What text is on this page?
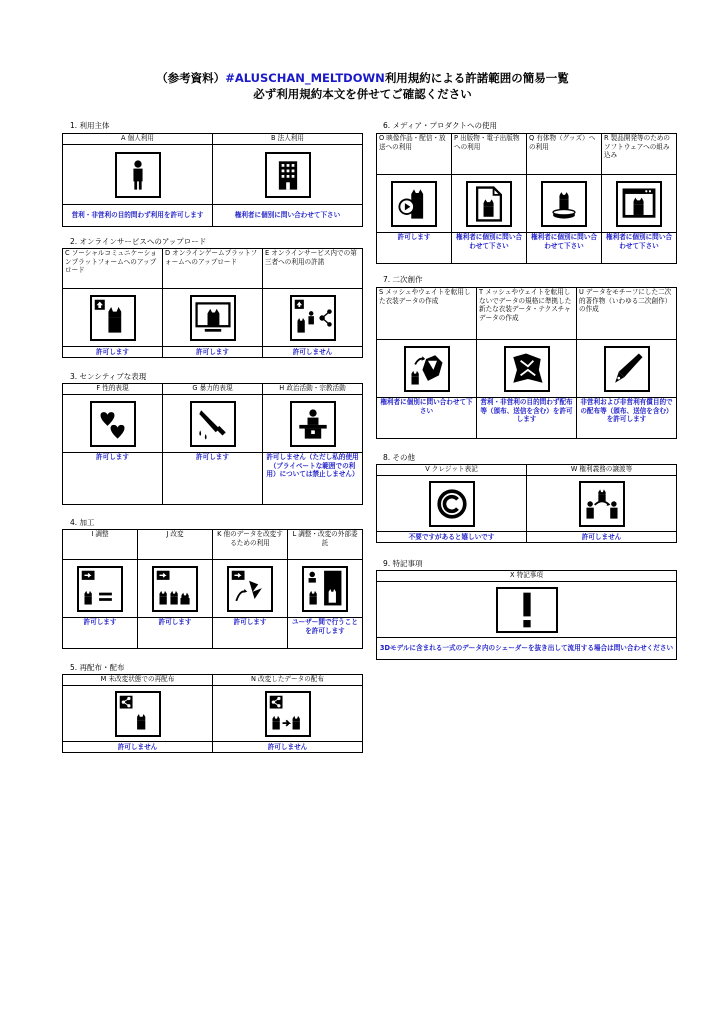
（参考資料）#ALUSCHAN_MELTDOWN利用規約による許諾範囲の簡易一覧
必ず利用規約本文を併せてご確認ください
1. 利用主体
A 個人利用	B 法人利用

営利・非営利の目的問わず利用を許可します	権利者に個別に問い合わせて下さい
2. オンラインサービスへのアップロード
C ソーシャルコミュニケーションプラットフォームへのアップロード	D オンラインゲームプラットフォームへのアップロード	E オンラインサービス内での第三者への利用の許諾

許可します	許可します	許可しません
3. センシティブな表現
F 性的表現	G 暴力的表現	H 政治活動・宗教活動

許可します	許可します	許可しません（ただし私的使用（プライベートな範囲での利用）については禁止しません）
4. 加工
I 調整	J 改変	K 他のデータを改変するための利用	L 調整・改変の外部委託

許可します	許可します	許可します	ユーザー間で行うことを許可します
5. 再配布・配布
M 未改変状態での再配布	N 改変したデータの配布

許可しません	許可しません
6. メディア・プロダクトへの使用
O 映像作品・配信・放送への利用	P 出版物・電子出版物への利用	Q 有体物（グッズ）への利用	R 製品開発等のためのソフトウェアへの組み込み

許可します	権利者に個別に問い合わせて下さい	権利者に個別に問い合わせて下さい	権利者に個別に問い合わせて下さい
7. 二次創作
S メッシュやウェイトを転用した衣装データの作成	T メッシュやウェイトを転用しないでデータの規格に準拠した新たな衣装データ・テクスチャデータの作成	U データをモチーフにした二次的著作物（いわゆる二次創作）の作成

権利者に個別に問い合わせて下さい	営利・非営利の目的問わず配布等（頒布、送信を含む）を許可します	非営利および非営利有償目的での配布等（頒布、送信を含む）を許可します
8. その他
V クレジット表記	W 権利義務の譲渡等

不要ですがあると嬉しいです	許可しません
9. 特記事項
X 特記事項

3Dモデルに含まれる一式のデータ内のシェーダーを抜き出して流用する場合は問い合わせください
